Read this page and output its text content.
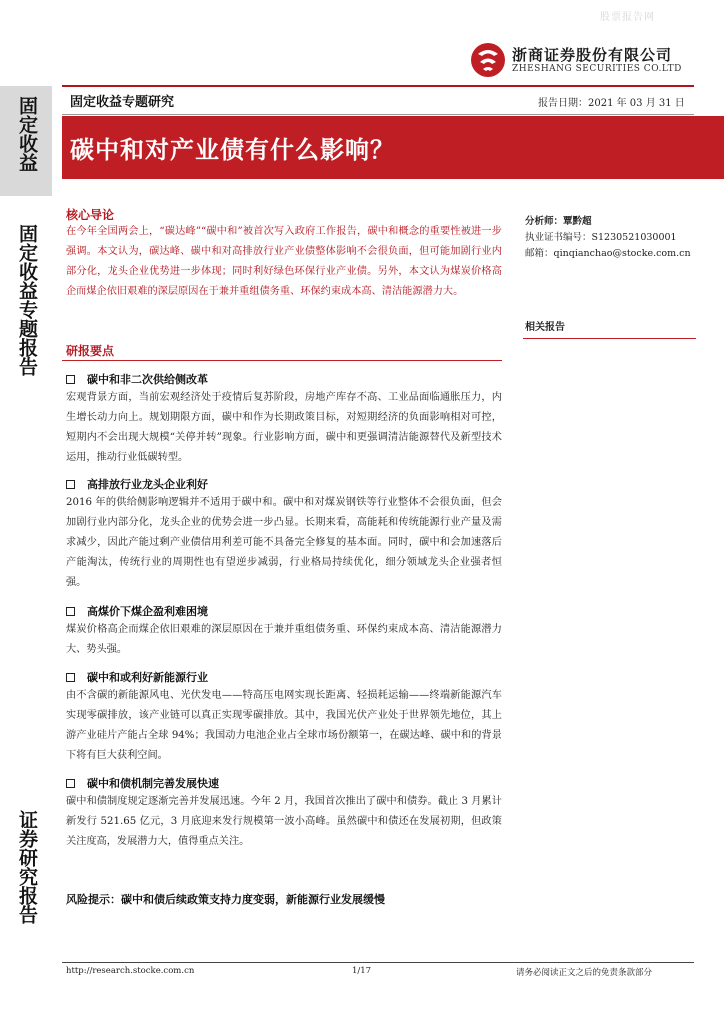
股票报告网
浙商证券股份有限公司
ZHESHANG SECURITIES CO.LTD
固定收益 固定收益专题研究	报告日期：2021 年 03 月 31 日
碳中和对产业债有什么影响？
固定收益专题报告
证券研究报告
核心导论
在今年全国两会上，“碳达峰”“碳中和”被首次写入政府工作报告，碳中和概念的重要性被进一步强调。本文认为，碳达峰、碳中和对高排放行业产业债整体影响不会很负面，但可能加剧行业内部分化，龙头企业优势进一步体现；同时利好绿色环保行业产业债。另外，本文认为煤炭价格高企而煤企依旧艰难的深层原因在于兼并重组债务重、环保约束成本高、清洁能源潜力大。
分析师：覃黔超
执业证书编号：S1230521030001
邮箱：qinqianchao@stocke.com.cn
相关报告
研报要点
碳中和非二次供给侧改革
宏观背景方面，当前宏观经济处于疫情后复苏阶段，房地产库存不高、工业品面临通胀压力，内生增长动力向上。规划期限方面，碳中和作为长期政策目标，对短期经济的负面影响相对可控，短期内不会出现大规模“关停并转”现象。行业影响方面，碳中和更强调清洁能源替代及新型技术运用，推动行业低碳转型。
高排放行业龙头企业利好
2016 年的供给侧影响逻辑并不适用于碳中和。碳中和对煤炭钢铁等行业整体不会很负面，但会加剧行业内部分化，龙头企业的优势会进一步凸显。长期来看，高能耗和传统能源行业产量及需求减少，因此产能过剩产业债信用利差可能不具备完全修复的基本面。同时，碳中和会加速落后产能淘汰，传统行业的周期性也有望逆步减弱，行业格局持续优化，细分领域龙头企业强者恒强。
高煤价下煤企盈利难困境
煤炭价格高企而煤企依旧艰难的深层原因在于兼并重组债务重、环保约束成本高、清洁能源潜力大、势头强。
碳中和或利好新能源行业
由不含碳的新能源风电、光伏发电——特高压电网实现长距离、轻损耗运输——终端新能源汽车实现零碳排放，该产业链可以真正实现零碳排放。其中，我国光伏产业处于世界领先地位，其上游产业硅片产能占全球 94%；我国动力电池企业占全球市场份额第一，在碳达峰、碳中和的背景下将有巨大获利空间。
碳中和债机制完善发展快速
碳中和债制度规定逐渐完善并发展迅速。今年 2 月，我国首次推出了碳中和债券。截止 3 月累计新发行 521.65 亿元，3 月底迎来发行规模第一波小高峰。虽然碳中和债还在发展初期，但政策关注度高，发展潜力大，值得重点关注。
风险提示：碳中和债后续政策支持力度变弱，新能源行业发展缓慢
http://research.stocke.com.cn	1/17	请务必阅读正文之后的免责条款部分
